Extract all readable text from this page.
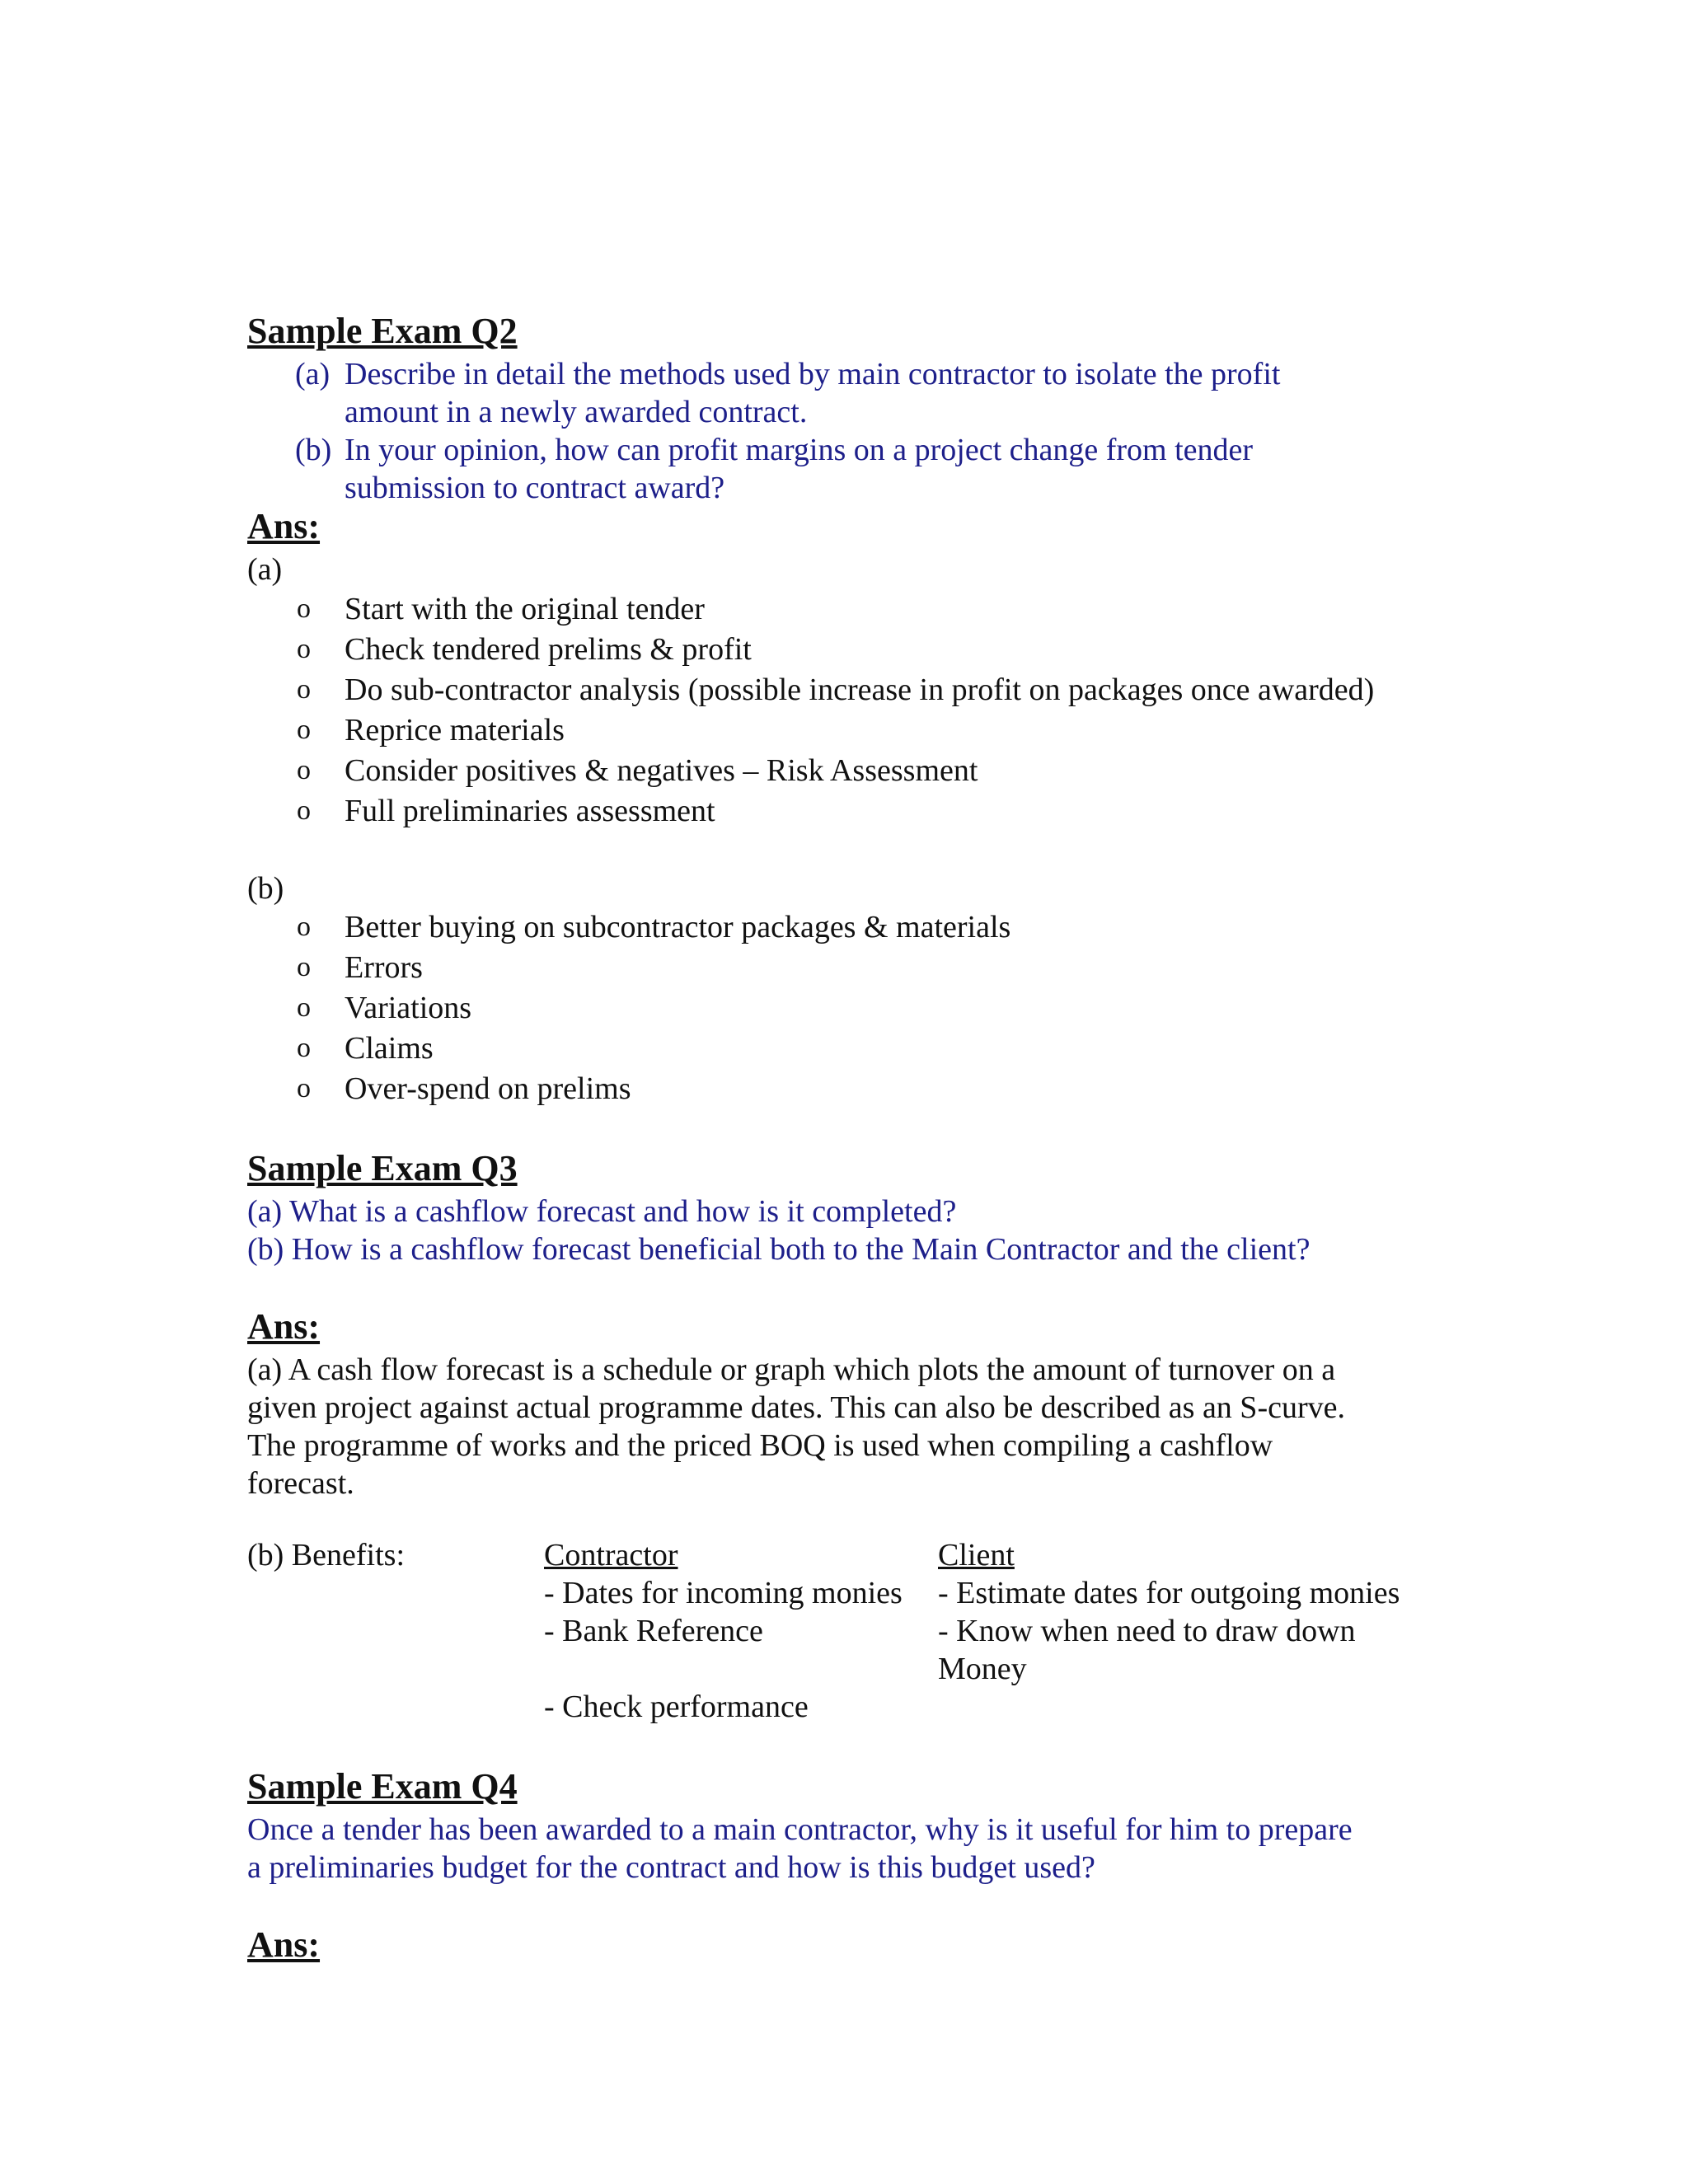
Sample Exam Q2
(a) Describe in detail the methods used by main contractor to isolate the profit
amount in a newly awarded contract.
(b) In your opinion, how can profit margins on a project change from tender
submission to contract award?
Ans:
(a)
o Start with the original tender
o Check tendered prelims & profit
o Do sub-contractor analysis (possible increase in profit on packages once awarded)
o Reprice materials
o Consider positives & negatives – Risk Assessment
o Full preliminaries assessment
(b)
o Better buying on subcontractor packages & materials
o Errors
o Variations
o Claims
o Over-spend on prelims
Sample Exam Q3
(a) What is a cashflow forecast and how is it completed?
(b) How is a cashflow forecast beneficial both to the Main Contractor and the client?
Ans:
(a) A cash flow forecast is a schedule or graph which plots the amount of turnover on a
given project against actual programme dates. This can also be described as an S-curve.
The programme of works and the priced BOQ is used when compiling a cashflow
forecast.
(b) Benefits:	Contractor
- Dates for incoming monies
- Bank Reference
- Check performance
Client
- Estimate dates for outgoing monies
- Know when need to draw down
Money
Sample Exam Q4
Once a tender has been awarded to a main contractor, why is it useful for him to prepare
a preliminaries budget for the contract and how is this budget used?
Ans:
